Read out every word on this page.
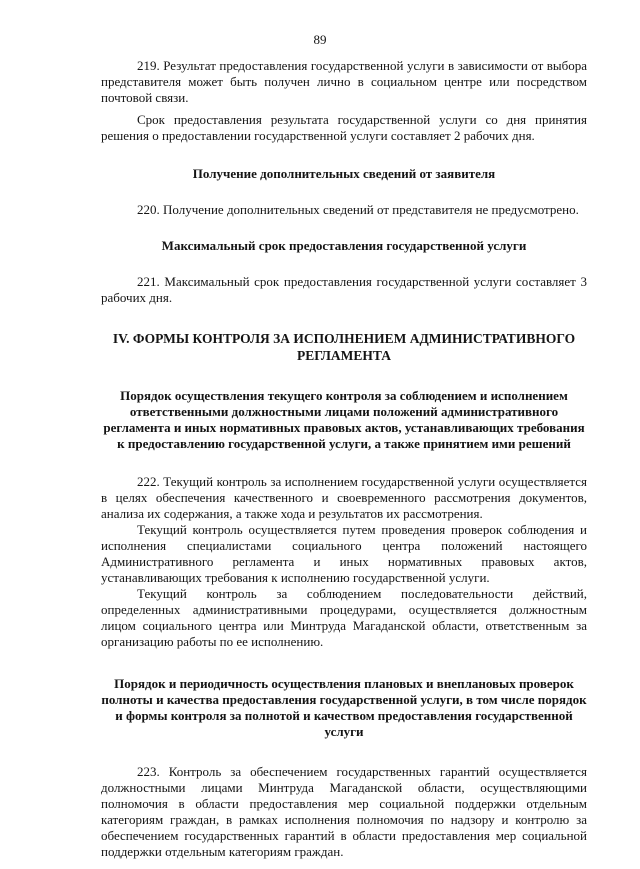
89

219. Результат предоставления государственной услуги в зависимости от выбора представителя может быть получен лично в социальном центре или посредством почтовой связи.

Срок предоставления результата государственной услуги со дня принятия решения о предоставлении государственной услуги составляет 2 рабочих дня.

Получение дополнительных сведений от заявителя

220. Получение дополнительных сведений от представителя не предусмотрено.

Максимальный срок предоставления государственной услуги

221. Максимальный срок предоставления государственной услуги составляет 3 рабочих дня.

IV. ФОРМЫ КОНТРОЛЯ ЗА ИСПОЛНЕНИЕМ АДМИНИСТРАТИВНОГО РЕГЛАМЕНТА

Порядок осуществления текущего контроля за соблюдением и исполнением ответственными должностными лицами положений административного регламента и иных нормативных правовых актов, устанавливающих требования к предоставлению государственной услуги, а также принятием ими решений

222. Текущий контроль за исполнением государственной услуги осуществляется в целях обеспечения качественного и своевременного рассмотрения документов, анализа их содержания, а также хода и результатов их рассмотрения.

Текущий контроль осуществляется путем проведения проверок соблюдения и исполнения специалистами социального центра положений настоящего Административного регламента и иных нормативных правовых актов, устанавливающих требования к исполнению государственной услуги.

Текущий контроль за соблюдением последовательности действий, определенных административными процедурами, осуществляется должностным лицом социального центра или Минтруда Магаданской области, ответственным за организацию работы по ее исполнению.

Порядок и периодичность осуществления плановых и внеплановых проверок полноты и качества предоставления государственной услуги, в том числе порядок и формы контроля за полнотой и качеством предоставления государственной услуги

223. Контроль за обеспечением государственных гарантий осуществляется должностными лицами Минтруда Магаданской области, осуществляющими полномочия в области предоставления мер социальной поддержки отдельным категориям граждан, в рамках исполнения полномочия по надзору и контролю за обеспечением государственных гарантий в области предоставления мер социальной поддержки отдельным категориям граждан.
